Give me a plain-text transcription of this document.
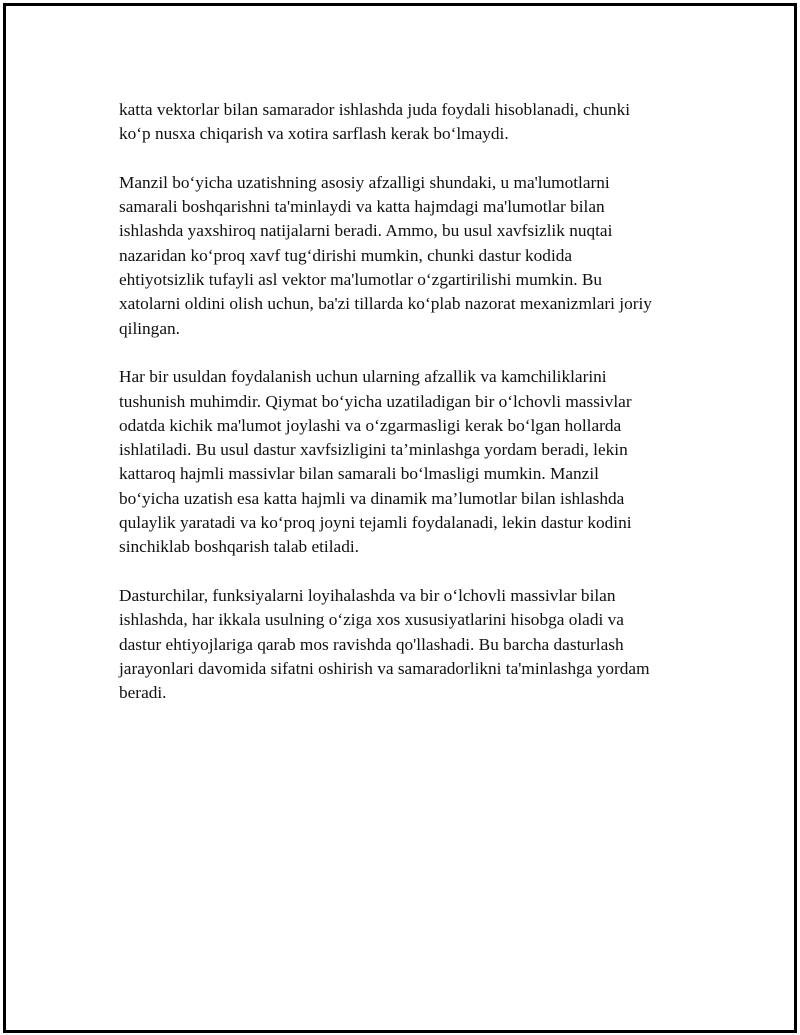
katta vektorlar bilan samarador ishlashda juda foydali hisoblanadi, chunki
ko‘p nusxa chiqarish va xotira sarflash kerak bo‘lmaydi.

Manzil bo‘yicha uzatishning asosiy afzalligi shundaki, u ma'lumotlarni
samarali boshqarishni ta'minlaydi va katta hajmdagi ma'lumotlar bilan
ishlashda yaxshiroq natijalarni beradi. Ammo, bu usul xavfsizlik nuqtai
nazaridan ko‘proq xavf tug‘dirishi mumkin, chunki dastur kodida
ehtiyotsizlik tufayli asl vektor ma'lumotlar o‘zgartirilishi mumkin. Bu
xatolarni oldini olish uchun, ba'zi tillarda ko‘plab nazorat mexanizmlari joriy
qilingan.

Har bir usuldan foydalanish uchun ularning afzallik va kamchiliklarini
tushunish muhimdir. Qiymat bo‘yicha uzatiladigan bir o‘lchovli massivlar
odatda kichik ma'lumot joylashi va o‘zgarmasligi kerak bo‘lgan hollarda
ishlatiladi. Bu usul dastur xavfsizligini ta’minlashga yordam beradi, lekin
kattaroq hajmli massivlar bilan samarali bo‘lmasligi mumkin. Manzil
bo‘yicha uzatish esa katta hajmli va dinamik ma’lumotlar bilan ishlashda
qulaylik yaratadi va ko‘proq joyni tejamli foydalanadi, lekin dastur kodini
sinchiklab boshqarish talab etiladi.

Dasturchilar, funksiyalarni loyihalashda va bir o‘lchovli massivlar bilan
ishlashda, har ikkala usulning o‘ziga xos xususiyatlarini hisobga oladi va
dastur ehtiyojlariga qarab mos ravishda qo'llashadi. Bu barcha dasturlash
jarayonlari davomida sifatni oshirish va samaradorlikni ta'minlashga yordam
beradi.
